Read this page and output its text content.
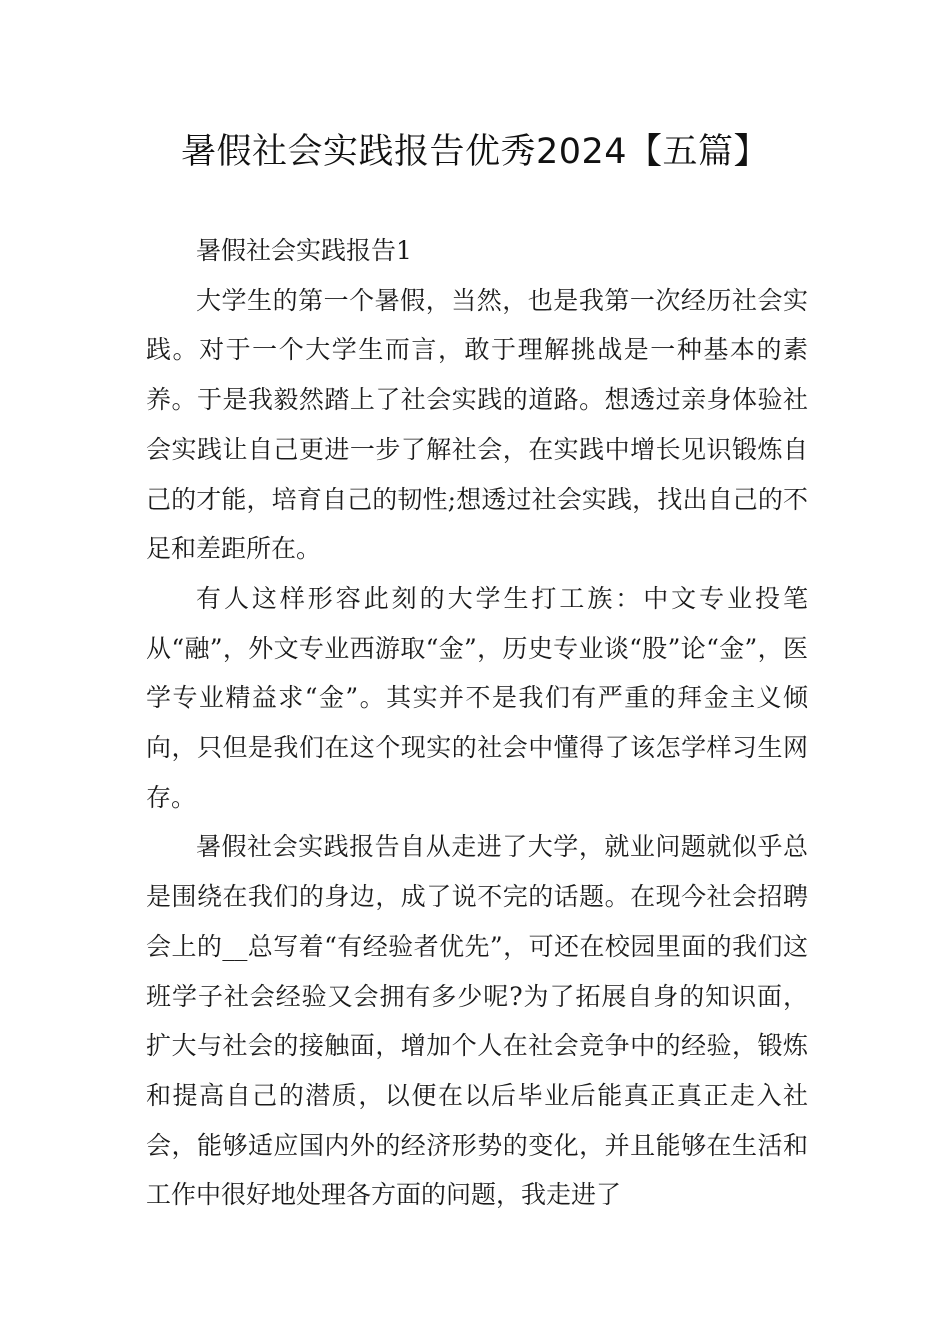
暑假社会实践报告优秀2024【五篇】

暑假社会实践报告1

大学生的第一个暑假，当然，也是我第一次经历社会实践。对于一个大学生而言，敢于理解挑战是一种基本的素养。于是我毅然踏上了社会实践的道路。想透过亲身体验社会实践让自己更进一步了解社会，在实践中增长见识锻炼自己的才能，培育自己的韧性;想透过社会实践，找出自己的不足和差距所在。

有人这样形容此刻的大学生打工族：中文专业投笔从“融”，外文专业西游取“金”，历史专业谈“股”论“金”，医学专业精益求“金”。其实并不是我们有严重的拜金主义倾向，只但是我们在这个现实的社会中懂得了该怎学样习生网存。

暑假社会实践报告自从走进了大学，就业问题就似乎总是围绕在我们的身边，成了说不完的话题。在现今社会招聘会上的__总写着“有经验者优先”，可还在校园里面的我们这班学子社会经验又会拥有多少呢?为了拓展自身的知识面，扩大与社会的接触面，增加个人在社会竞争中的经验，锻炼和提高自己的潜质，以便在以后毕业后能真正真正走入社会，能够适应国内外的经济形势的变化，并且能够在生活和工作中很好地处理各方面的问题，我走进了
